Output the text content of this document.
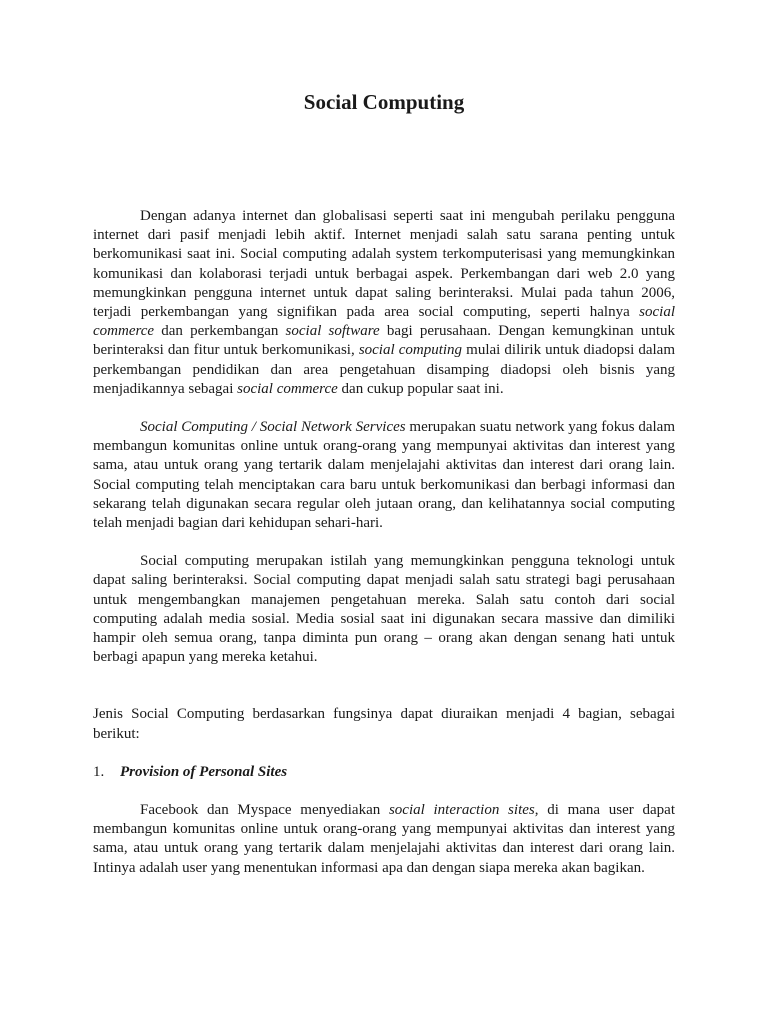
Social Computing

Dengan adanya internet dan globalisasi seperti saat ini mengubah perilaku pengguna internet dari pasif menjadi lebih aktif. Internet menjadi salah satu sarana penting untuk berkomunikasi saat ini. Social computing adalah system terkomputerisasi yang memungkinkan komunikasi dan kolaborasi terjadi untuk berbagai aspek. Perkembangan dari web 2.0 yang memungkinkan pengguna internet untuk dapat saling berinteraksi. Mulai pada tahun 2006, terjadi perkembangan yang signifikan pada area social computing, seperti halnya social commerce dan perkembangan social software bagi perusahaan. Dengan kemungkinan untuk berinteraksi dan fitur untuk berkomunikasi, social computing mulai dilirik untuk diadopsi dalam perkembangan pendidikan dan area pengetahuan disamping diadopsi oleh bisnis yang menjadikannya sebagai social commerce dan cukup popular saat ini.

Social Computing / Social Network Services merupakan suatu network yang fokus dalam membangun komunitas online untuk orang-orang yang mempunyai aktivitas dan interest yang sama, atau untuk orang yang tertarik dalam menjelajahi aktivitas dan interest dari orang lain. Social computing telah menciptakan cara baru untuk berkomunikasi dan berbagi informasi dan sekarang telah digunakan secara regular oleh jutaan orang, dan kelihatannya social computing telah menjadi bagian dari kehidupan sehari-hari.

Social computing merupakan istilah yang memungkinkan pengguna teknologi untuk dapat saling berinteraksi. Social computing dapat menjadi salah satu strategi bagi perusahaan untuk mengembangkan manajemen pengetahuan mereka. Salah satu contoh dari social computing adalah media sosial. Media sosial saat ini digunakan secara massive dan dimiliki hampir oleh semua orang, tanpa diminta pun orang – orang akan dengan senang hati untuk berbagi apapun yang mereka ketahui.

Jenis Social Computing berdasarkan fungsinya dapat diuraikan menjadi 4 bagian, sebagai berikut:

1. Provision of Personal Sites

Facebook dan Myspace menyediakan social interaction sites, di mana user dapat membangun komunitas online untuk orang-orang yang mempunyai aktivitas dan interest yang sama, atau untuk orang yang tertarik dalam menjelajahi aktivitas dan interest dari orang lain. Intinya adalah user yang menentukan informasi apa dan dengan siapa mereka akan bagikan.
